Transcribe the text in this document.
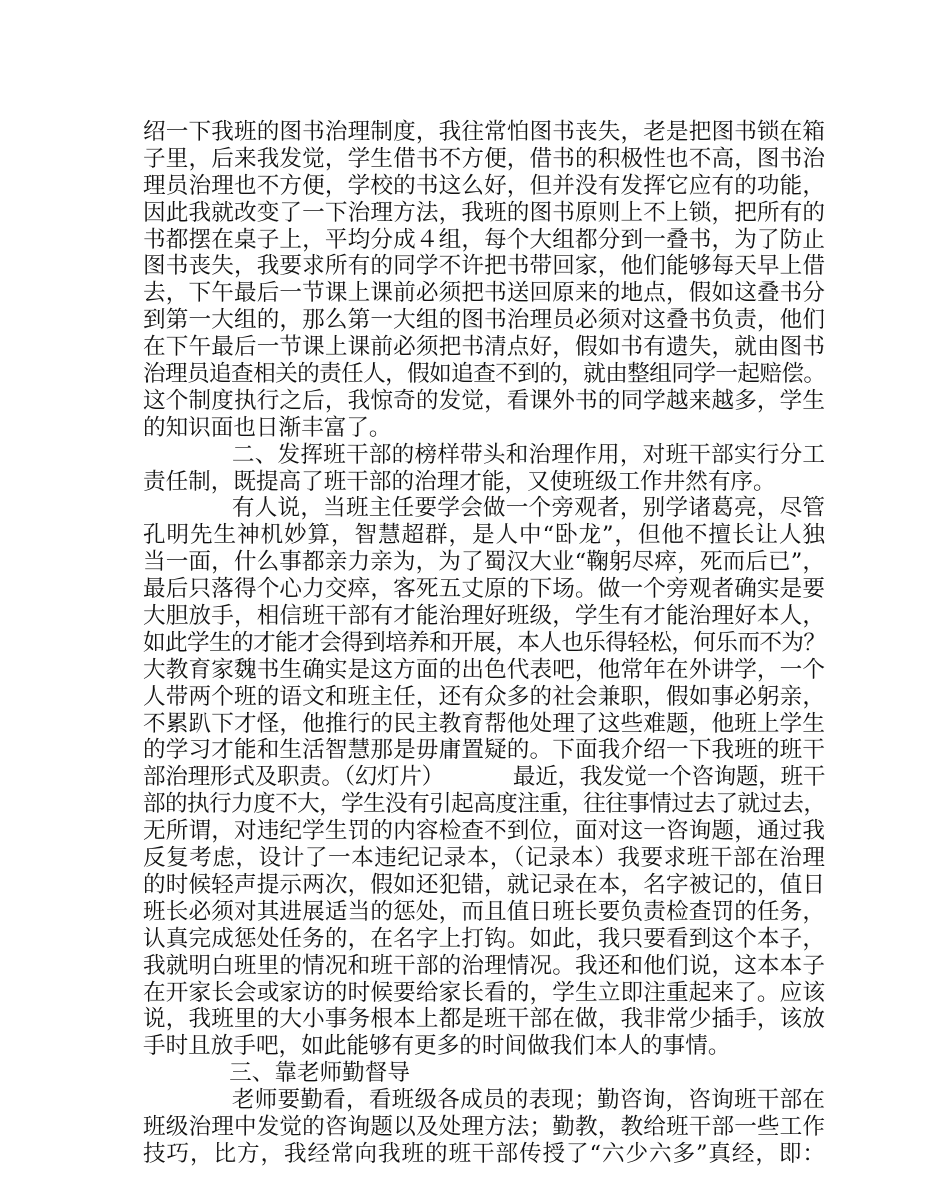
绍一下我班的图书治理制度，我往常怕图书丧失，老是把图书锁在箱
子里，后来我发觉，学生借书不方便，借书的积极性也不高，图书治
理员治理也不方便，学校的书这么好，但并没有发挥它应有的功能，
因此我就改变了一下治理方法，我班的图书原则上不上锁，把所有的
书都摆在桌子上，平均分成４组，每个大组都分到一叠书，为了防止
图书丧失，我要求所有的同学不许把书带回家，他们能够每天早上借
去，下午最后一节课上课前必须把书送回原来的地点，假如这叠书分
到第一大组的，那么第一大组的图书治理员必须对这叠书负责，他们
在下午最后一节课上课前必须把书清点好，假如书有遗失，就由图书
治理员追查相关的责任人，假如追查不到的，就由整组同学一起赔偿。
这个制度执行之后，我惊奇的发觉，看课外书的同学越来越多，学生
的知识面也日渐丰富了。
二、发挥班干部的榜样带头和治理作用，对班干部实行分工
责任制，既提高了班干部的治理才能，又使班级工作井然有序。
有人说，当班主任要学会做一个旁观者，别学诸葛亮，尽管
孔明先生神机妙算，智慧超群，是人中“卧龙”，但他不擅长让人独
当一面，什么事都亲力亲为，为了蜀汉大业“鞠躬尽瘁，死而后已”，
最后只落得个心力交瘁，客死五丈原的下场。做一个旁观者确实是要
大胆放手，相信班干部有才能治理好班级，学生有才能治理好本人，
如此学生的才能才会得到培养和开展，本人也乐得轻松，何乐而不为？
大教育家魏书生确实是这方面的出色代表吧，他常年在外讲学，一个
人带两个班的语文和班主任，还有众多的社会兼职，假如事必躬亲，
不累趴下才怪，他推行的民主教育帮他处理了这些难题，他班上学生
的学习才能和生活智慧那是毋庸置疑的。下面我介绍一下我班的班干
部治理形式及职责。（幻灯片）          最近，我发觉一个咨询题，班干
部的执行力度不大，学生没有引起高度注重，往往事情过去了就过去，
无所谓，对违纪学生罚的内容检查不到位，面对这一咨询题，通过我
反复考虑，设计了一本违纪记录本，（记录本）我要求班干部在治理
的时候轻声提示两次，假如还犯错，就记录在本，名字被记的，值日
班长必须对其进展适当的惩处，而且值日班长要负责检查罚的任务，
认真完成惩处任务的，在名字上打钩。如此，我只要看到这个本子，
我就明白班里的情况和班干部的治理情况。我还和他们说，这本本子
在开家长会或家访的时候要给家长看的，学生立即注重起来了。应该
说，我班里的大小事务根本上都是班干部在做，我非常少插手，该放
手时且放手吧，如此能够有更多的时间做我们本人的事情。
三、靠老师勤督导
老师要勤看，看班级各成员的表现；勤咨询，咨询班干部在
班级治理中发觉的咨询题以及处理方法；勤教，教给班干部一些工作
技巧，比方，我经常向我班的班干部传授了“六少六多”真经，即：
